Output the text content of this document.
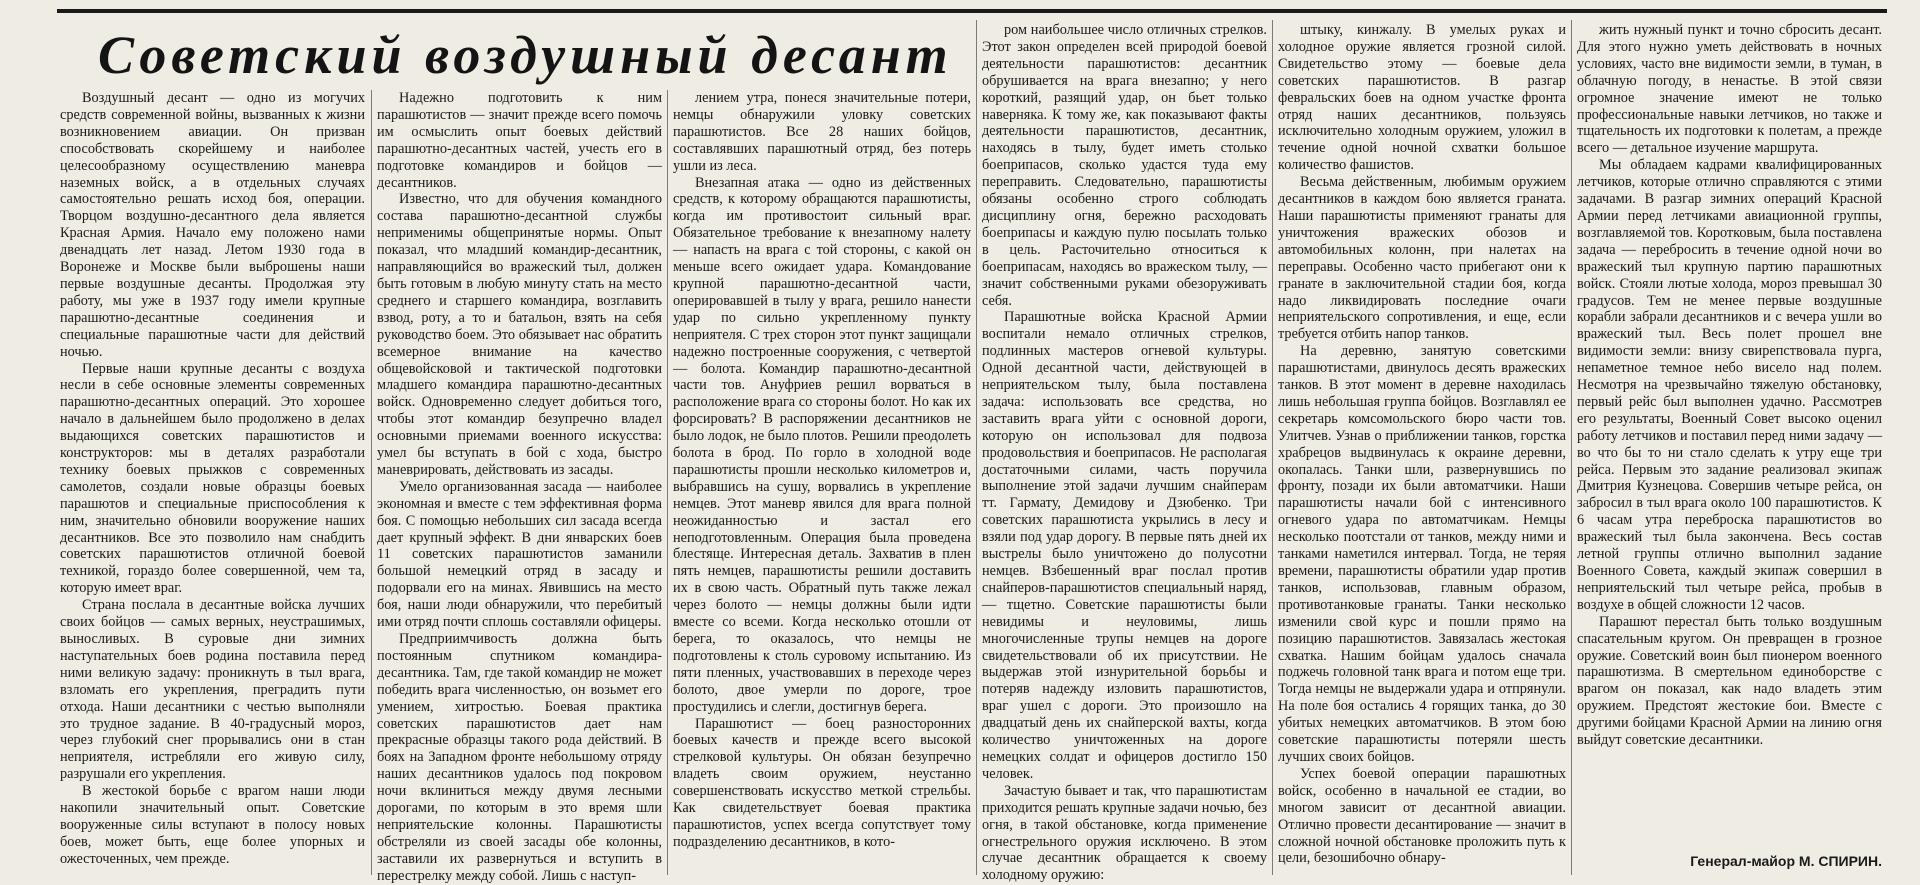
Советский воздушный десант

Воздушный десант — одно из могучих средств современной войны, вызванных к жизни возникновением авиации. Он призван способствовать скорейшему и наиболее целесообразному осуществлению маневра наземных войск, а в отдельных случаях самостоятельно решать исход боя, операции. Творцом воздушно-десантного дела является Красная Армия. Начало ему положено нами двенадцать лет назад. Летом 1930 года в Воронеже и Москве были выброшены наши первые воздушные десанты. Продолжая эту работу, мы уже в 1937 году имели крупные парашютно-десантные соединения и специальные парашютные части для действий ночью.

Первые наши крупные десанты с воздуха несли в себе основные элементы современных парашютно-десантных операций. Это хорошее начало в дальнейшем было продолжено в делах выдающихся советских парашютистов и конструкторов: мы в деталях разработали технику боевых прыжков с современных самолетов, создали новые образцы боевых парашютов и специальные приспособления к ним, значительно обновили вооружение наших десантников. Все это позволило нам снабдить советских парашютистов отличной боевой техникой, гораздо более совершенной, чем та, которую имеет враг.

Страна послала в десантные войска лучших своих бойцов — самых верных, неустрашимых, выносливых. В суровые дни зимних наступательных боев родина поставила перед ними великую задачу: проникнуть в тыл врага, взломать его укрепления, преградить пути отхода. Наши десантники с честью выполняли это трудное задание. В 40-градусный мороз, через глубокий снег прорывались они в стан неприятеля, истребляли его живую силу, разрушали его укрепления.

В жестокой борьбе с врагом наши люди накопили значительный опыт. Советские вооруженные силы вступают в полосу новых боев, может быть, еще более упорных и ожесточенных, чем прежде.

Надежно подготовить к ним парашютистов — значит прежде всего помочь им осмыслить опыт боевых действий парашютно-десантных частей, учесть его в подготовке командиров и бойцов — десантников.

Известно, что для обучения командного состава парашютно-десантной службы неприменимы общепринятые нормы. Опыт показал, что младший командир-десантник, направляющийся во вражеский тыл, должен быть готовым в любую минуту стать на место среднего и старшего командира, возглавить взвод, роту, а то и батальон, взять на себя руководство боем. Это обязывает нас обратить всемерное внимание на качество общевойсковой и тактической подготовки младшего командира парашютно-десантных войск. Одновременно следует добиться того, чтобы этот командир безупречно владел основными приемами военного искусства: умел бы вступать в бой с хода, быстро маневрировать, действовать из засады.

Умело организованная засада — наиболее экономная и вместе с тем эффективная форма боя. С помощью небольших сил засада всегда дает крупный эффект. В дни январских боев 11 советских парашютистов заманили большой немецкий отряд в засаду и подорвали его на минах. Явившись на место боя, наши люди обнаружили, что перебитый ими отряд почти сплошь составляли офицеры.

Предприимчивость должна быть постоянным спутником командира-десантника. Там, где такой командир не может победить врага численностью, он возьмет его умением, хитростью. Боевая практика советских парашютистов дает нам прекрасные образцы такого рода действий. В боях на Западном фронте небольшому отряду наших десантников удалось под покровом ночи вклиниться между двумя лесными дорогами, по которым в это время шли неприятельские колонны. Парашютисты обстреляли из своей засады обе колонны, заставили их развернуться и вступить в перестрелку между собой. Лишь с наступ-

лением утра, понеся значительные потери, немцы обнаружили уловку советских парашютистов. Все 28 наших бойцов, составлявших парашютный отряд, без потерь ушли из леса.

Внезапная атака — одно из действенных средств, к которому обращаются парашютисты, когда им противостоит сильный враг. Обязательное требование к внезапному налету — напасть на врага с той стороны, с какой он меньше всего ожидает удара. Командование крупной парашютно-десантной части, оперировавшей в тылу у врага, решило нанести удар по сильно укрепленному пункту неприятеля. С трех сторон этот пункт защищали надежно построенные сооружения, с четвертой — болота. Командир парашютно-десантной части тов. Ануфриев решил ворваться в расположение врага со стороны болот. Но как их форсировать? В распоряжении десантников не было лодок, не было плотов. Решили преодолеть болота в брод. По горло в холодной воде парашютисты прошли несколько километров и, выбравшись на сушу, ворвались в укрепление немцев. Этот маневр явился для врага полной неожиданностью и застал его неподготовленным. Операция была проведена блестяще. Интересная деталь. Захватив в плен пять немцев, парашютисты решили доставить их в свою часть. Обратный путь также лежал через болото — немцы должны были идти вместе со всеми. Когда несколько отошли от берега, то оказалось, что немцы не подготовлены к столь суровому испытанию. Из пяти пленных, участвовавших в переходе через болото, двое умерли по дороге, трое простудились и слегли, достигнув берега.

Парашютист — боец разносторонних боевых качеств и прежде всего высокой стрелковой культуры. Он обязан безупречно владеть своим оружием, неустанно совершенствовать искусство меткой стрельбы. Как свидетельствует боевая практика парашютистов, успех всегда сопутствует тому подразделению десантников, в кото-

ром наибольшее число отличных стрелков. Этот закон определен всей природой боевой деятельности парашютистов: десантник обрушивается на врага внезапно; у него короткий, разящий удар, он бьет только наверняка. К тому же, как показывают факты деятельности парашютистов, десантник, находясь в тылу, будет иметь столько боеприпасов, сколько удастся туда ему переправить. Следовательно, парашютисты обязаны особенно строго соблюдать дисциплину огня, бережно расходовать боеприпасы и каждую пулю посылать только в цель. Расточительно относиться к боеприпасам, находясь во вражеском тылу, — значит собственными руками обезоруживать себя.

Парашютные войска Красной Армии воспитали немало отличных стрелков, подлинных мастеров огневой культуры. Одной десантной части, действующей в неприятельском тылу, была поставлена задача: использовать все средства, но заставить врага уйти с основной дороги, которую он использовал для подвоза продовольствия и боеприпасов. Не располагая достаточными силами, часть поручила выполнение этой задачи лучшим снайперам тт. Гармату, Демидову и Дзюбенко. Три советских парашютиста укрылись в лесу и взяли под удар дорогу. В первые пять дней их выстрелы было уничтожено до полусотни немцев. Взбешенный враг послал против снайперов-парашютистов специальный наряд, — тщетно. Советские парашютисты были невидимы и неуловимы, лишь многочисленные трупы немцев на дороге свидетельствовали об их присутствии. Не выдержав этой изнурительной борьбы и потеряв надежду изловить парашютистов, враг ушел с дороги. Это произошло на двадцатый день их снайперской вахты, когда количество уничтоженных на дороге немецких солдат и офицеров достигло 150 человек.

Зачастую бывает и так, что парашютистам приходится решать крупные задачи ночью, без огня, в такой обстановке, когда применение огнестрельного оружия исключено. В этом случае десантник обращается к своему холодному оружию:

штыку, кинжалу. В умелых руках и холодное оружие является грозной силой. Свидетельство этому — боевые дела советских парашютистов. В разгар февральских боев на одном участке фронта отряд наших десантников, пользуясь исключительно холодным оружием, уложил в течение одной ночной схватки большое количество фашистов.

Весьма действенным, любимым оружием десантников в каждом бою является граната. Наши парашютисты применяют гранаты для уничтожения вражеских обозов и автомобильных колонн, при налетах на переправы. Особенно часто прибегают они к гранате в заключительной стадии боя, когда надо ликвидировать последние очаги неприятельского сопротивления, и еще, если требуется отбить напор танков.

На деревню, занятую советскими парашютистами, двинулось десять вражеских танков. В этот момент в деревне находилась лишь небольшая группа бойцов. Возглавлял ее секретарь комсомольского бюро части тов. Улитчев. Узнав о приближении танков, горстка храбрецов выдвинулась к окраине деревни, окопалась. Танки шли, развернувшись по фронту, позади их были автоматчики. Наши парашютисты начали бой с интенсивного огневого удара по автоматчикам. Немцы несколько поотстали от танков, между ними и танками наметился интервал. Тогда, не теряя времени, парашютисты обратили удар против танков, использовав, главным образом, противотанковые гранаты. Танки несколько изменили свой курс и пошли прямо на позицию парашютистов. Завязалась жестокая схватка. Нашим бойцам удалось сначала поджечь головной танк врага и потом еще три. Тогда немцы не выдержали удара и отпрянули. На поле боя остались 4 горящих танка, до 30 убитых немецких автоматчиков. В этом бою советские парашютисты потеряли шесть лучших своих бойцов.

Успех боевой операции парашютных войск, особенно в начальной ее стадии, во многом зависит от десантной авиации. Отлично провести десантирование — значит в сложной ночной обстановке проложить путь к цели, безошибочно обнару-

жить нужный пункт и точно сбросить десант. Для этого нужно уметь действовать в ночных условиях, часто вне видимости земли, в туман, в облачную погоду, в ненастье. В этой связи огромное значение имеют не только профессиональные навыки летчиков, но также и тщательность их подготовки к полетам, а прежде всего — детальное изучение маршрута.

Мы обладаем кадрами квалифицированных летчиков, которые отлично справляются с этими задачами. В разгар зимних операций Красной Армии перед летчиками авиационной группы, возглавляемой тов. Коротковым, была поставлена задача — перебросить в течение одной ночи во вражеский тыл крупную партию парашютных войск. Стояли лютые холода, мороз превышал 30 градусов. Тем не менее первые воздушные корабли забрали десантников и с вечера ушли во вражеский тыл. Весь полет прошел вне видимости земли: внизу свирепствовала пурга, непаметное темное небо висело над полем. Несмотря на чрезвычайно тяжелую обстановку, первый рейс был выполнен удачно. Рассмотрев его результаты, Военный Совет высоко оценил работу летчиков и поставил перед ними задачу — во что бы то ни стало сделать к утру еще три рейса. Первым это задание реализовал экипаж Дмитрия Кузнецова. Совершив четыре рейса, он забросил в тыл врага около 100 парашютистов. К 6 часам утра переброска парашютистов во вражеский тыл была закончена. Весь состав летной группы отлично выполнил задание Военного Совета, каждый экипаж совершил в неприятельский тыл четыре рейса, пробыв в воздухе в общей сложности 12 часов.

Парашют перестал быть только воздушным спасательным кругом. Он превращен в грозное оружие. Советский воин был пионером военного парашютизма. В смертельном единоборстве с врагом он показал, как надо владеть этим оружием. Предстоят жестокие бои. Вместе с другими бойцами Красной Армии на линию огня выйдут советские десантники.

Генерал-майор М. СПИРИН.
